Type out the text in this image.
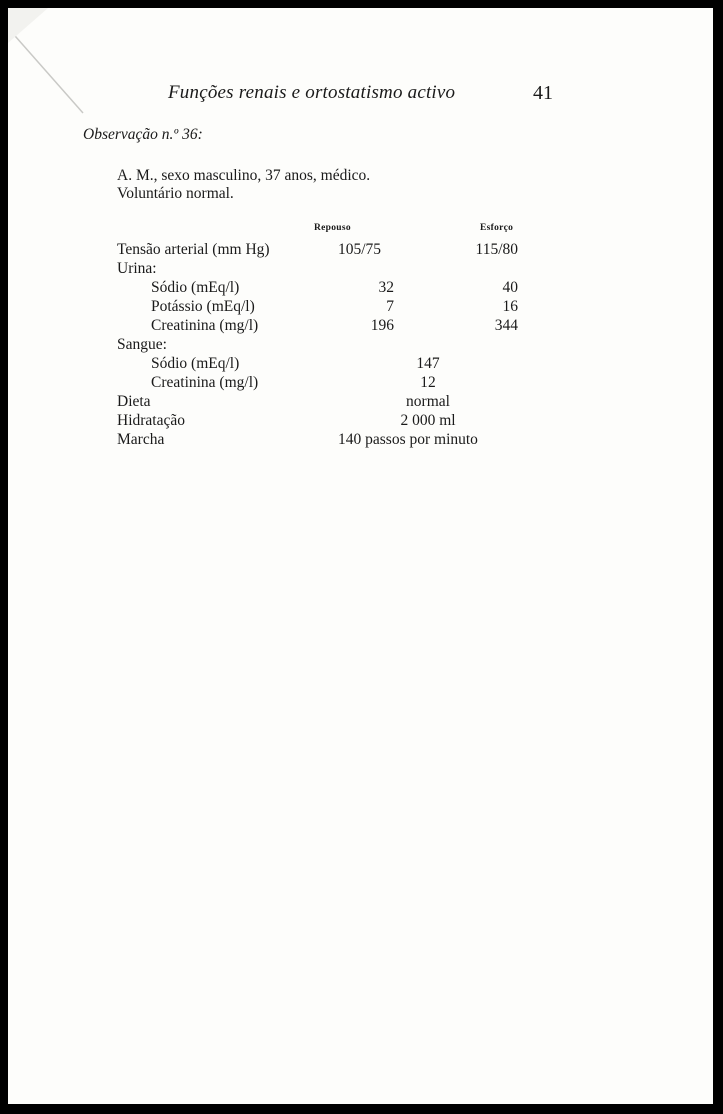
Funções renais e ortostatismo activo	41
Observação n.º 36:
A. M., sexo masculino, 37 anos, médico.
Voluntário normal.
Repouso	Esforço
Tensão arterial (mm Hg)	105/75	115/80
Urina:
Sódio (mEq/l)	32	40
Potássio (mEq/l)	7	16
Creatinina (mg/l)	196	344
Sangue:
Sódio (mEq/l)	147
Creatinina (mg/l)	12
Dieta	normal
Hidratação	2 000 ml
Marcha	140 passos por minuto
